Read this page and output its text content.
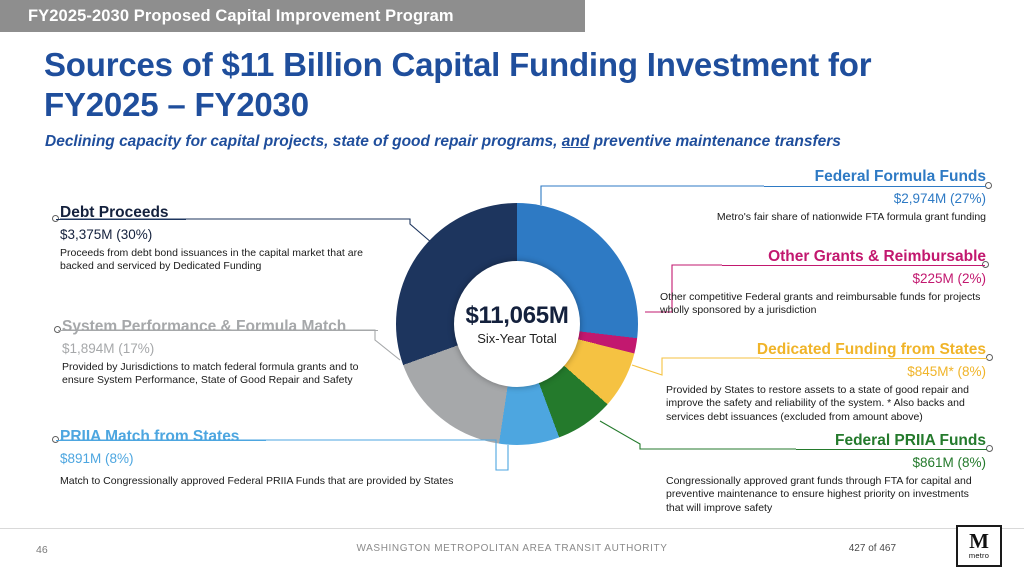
FY2025-2030 Proposed Capital Improvement Program
Sources of $11 Billion Capital Funding Investment for FY2025 – FY2030
Declining capacity for capital projects, state of good repair programs, and preventive maintenance transfers
$11,065M
Six-Year Total
Federal Formula Funds
$2,974M (27%)
Metro's fair share of nationwide FTA formula grant funding
Other Grants & Reimbursable
$225M (2%)
Other competitive Federal grants and reimbursable funds for projects wholly sponsored by a jurisdiction
Dedicated Funding from States
$845M* (8%)
Provided by States to restore assets to a state of good repair and improve the safety and reliability of the system. * Also backs and services debt issuances (excluded from amount above)
Federal PRIIA Funds
$861M (8%)
Congressionally approved grant funds through FTA for capital and preventive maintenance to ensure highest priority on investments that will improve safety
Debt Proceeds
$3,375M (30%)
Proceeds from debt bond issuances in the capital market that are backed and serviced by Dedicated Funding
System Performance & Formula Match
$1,894M (17%)
Provided by Jurisdictions to match federal formula grants and to ensure System Performance, State of Good Repair and Safety
PRIIA Match from States
$891M (8%)
Match to Congressionally approved Federal PRIIA Funds that are provided by States
46	WASHINGTON METROPOLITAN AREA TRANSIT AUTHORITY	427 of 467	M
metro
